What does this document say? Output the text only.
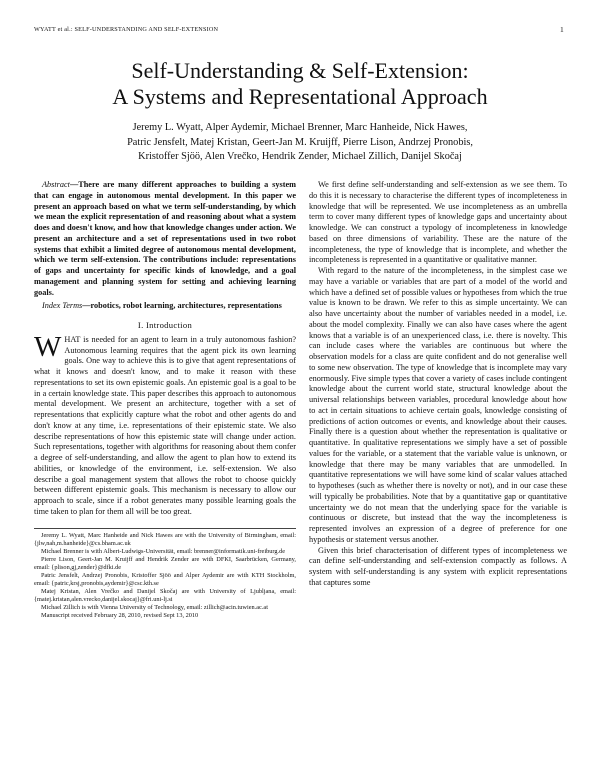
WYATT et al.: SELF-UNDERSTANDING AND SELF-EXTENSION	1
Self-Understanding & Self-Extension:
A Systems and Representational Approach
Jeremy L. Wyatt, Alper Aydemir, Michael Brenner, Marc Hanheide, Nick Hawes,
Patric Jensfelt, Matej Kristan, Geert-Jan M. Kruijff, Pierre Lison, Andrzej Pronobis,
Kristoffer Sjöö, Alen Vrečko, Hendrik Zender, Michael Zillich, Danijel Skočaj

Abstract—There are many different approaches to building a system that can engage in autonomous mental development. In this paper we present an approach based on what we term self-understanding, by which we mean the explicit representation of and reasoning about what a system does and doesn't know, and how that knowledge changes under action. We present an architecture and a set of representations used in two robot systems that exhibit a limited degree of autonomous mental development, which we term self-extension. The contributions include: representations of gaps and uncertainty for specific kinds of knowledge, and a goal management and planning system for setting and achieving learning goals.

Index Terms—robotics, robot learning, architectures, representations

I. Introduction

WHAT is needed for an agent to learn in a truly autonomous fashion? Autonomous learning requires that the agent pick its own learning goals. One way to achieve this is to give that agent representations of what it knows and doesn't know, and to make it reason with these representations to set its own epistemic goals. An epistemic goal is a goal to be in a certain knowledge state. This paper describes this approach to autonomous mental development. We present an architecture, together with a set of representations that explicitly capture what the robot and other agents do and don't know at any time, i.e. representations of their epistemic state. We also describe representations of how this epistemic state will change under action. Such representations, together with algorithms for reasoning about them confer a degree of self-understanding, and allow the agent to plan how to extend its abilities, or knowledge of the environment, i.e. self-extension. We also describe a goal management system that allows the robot to choose quickly between different epistemic goals. This mechanism is necessary to allow our approach to scale, since if a robot generates many possible learning goals the time taken to plan for them all will be too great.

Jeremy L. Wyatt, Marc Hanheide and Nick Hawes are with the University of Birmingham, email: {jlw,nah,m.hanheide}@cs.bham.ac.uk

Michael Brenner is with Albert-Ludwigs-Universität, email: brenner@informatik.uni-freiburg.de

Pierre Lison, Geert-Jan M. Kruijff and Hendrik Zender are with DFKI, Saarbrücken, Germany, email: {plison,gj,zender}@dfki.de

Patric Jensfelt, Andrzej Pronobis, Kristoffer Sjöö and Alper Aydemir are with KTH Stockholm, email: {patric,krsj,pronobis,aydemir}@csc.kth.se

Matej Kristan, Alen Vrečko and Danijel Skočaj are with University of Ljubljana, email: {matej.kristan,alen.vrecko,danijel.skocaj}@fri.uni-lj.si

Michael Zillich is with Vienna University of Technology, email: zillich@acin.tuwien.ac.at

Manuscript received February 28, 2010, revised Sept 13, 2010

We first define self-understanding and self-extension as we see them. To do this it is necessary to characterise the different types of incompleteness in knowledge that will be represented. We use incompleteness as an umbrella term to cover many different types of knowledge gaps and uncertainty about knowledge. We can construct a typology of incompleteness in knowledge based on three dimensions of variability. These are the nature of the incompleteness, the type of knowledge that is incomplete, and whether the incompleteness is represented in a quantitative or qualitative manner.

With regard to the nature of the incompleteness, in the simplest case we may have a variable or variables that are part of a model of the world and which have a defined set of possible values or hypotheses from which the true value is known to be drawn. We refer to this as simple uncertainty. We can also have uncertainty about the number of variables needed in a model, i.e. about the model complexity. Finally we can also have cases where the agent knows that a variable is of an unexperienced class, i.e. there is novelty. This can include cases where the variables are continuous but where the observation models for a class are quite confident and do not generalise well to some new observation. The type of knowledge that is incomplete may vary enormously. Five simple types that cover a variety of cases include contingent knowledge about the current world state, structural knowledge about the universal relationships between variables, procedural knowledge about how to act in certain situations to achieve certain goals, knowledge consisting of predictions of action outcomes or events, and knowledge about their causes. Finally there is a question about whether the representation is qualitative or quantitative. In qualitative representations we simply have a set of possible values for the variable, or a statement that the variable value is unknown, or knowledge that there may be many variables that are unmodelled. In quantitative representations we will have some kind of scalar values attached to hypotheses (such as whether there is novelty or not), and in our case these will typically be probabilities. Note that by a quantitative gap or quantitative uncertainty we do not mean that the underlying space for the variable is continuous or discrete, but instead that the way the incompleteness is represented involves an expression of a degree of preference for one hypothesis or statement versus another.

Given this brief characterisation of different types of incompleteness we can define self-understanding and self-extension compactly as follows. A system with self-understanding is any system with explicit representations that captures some
